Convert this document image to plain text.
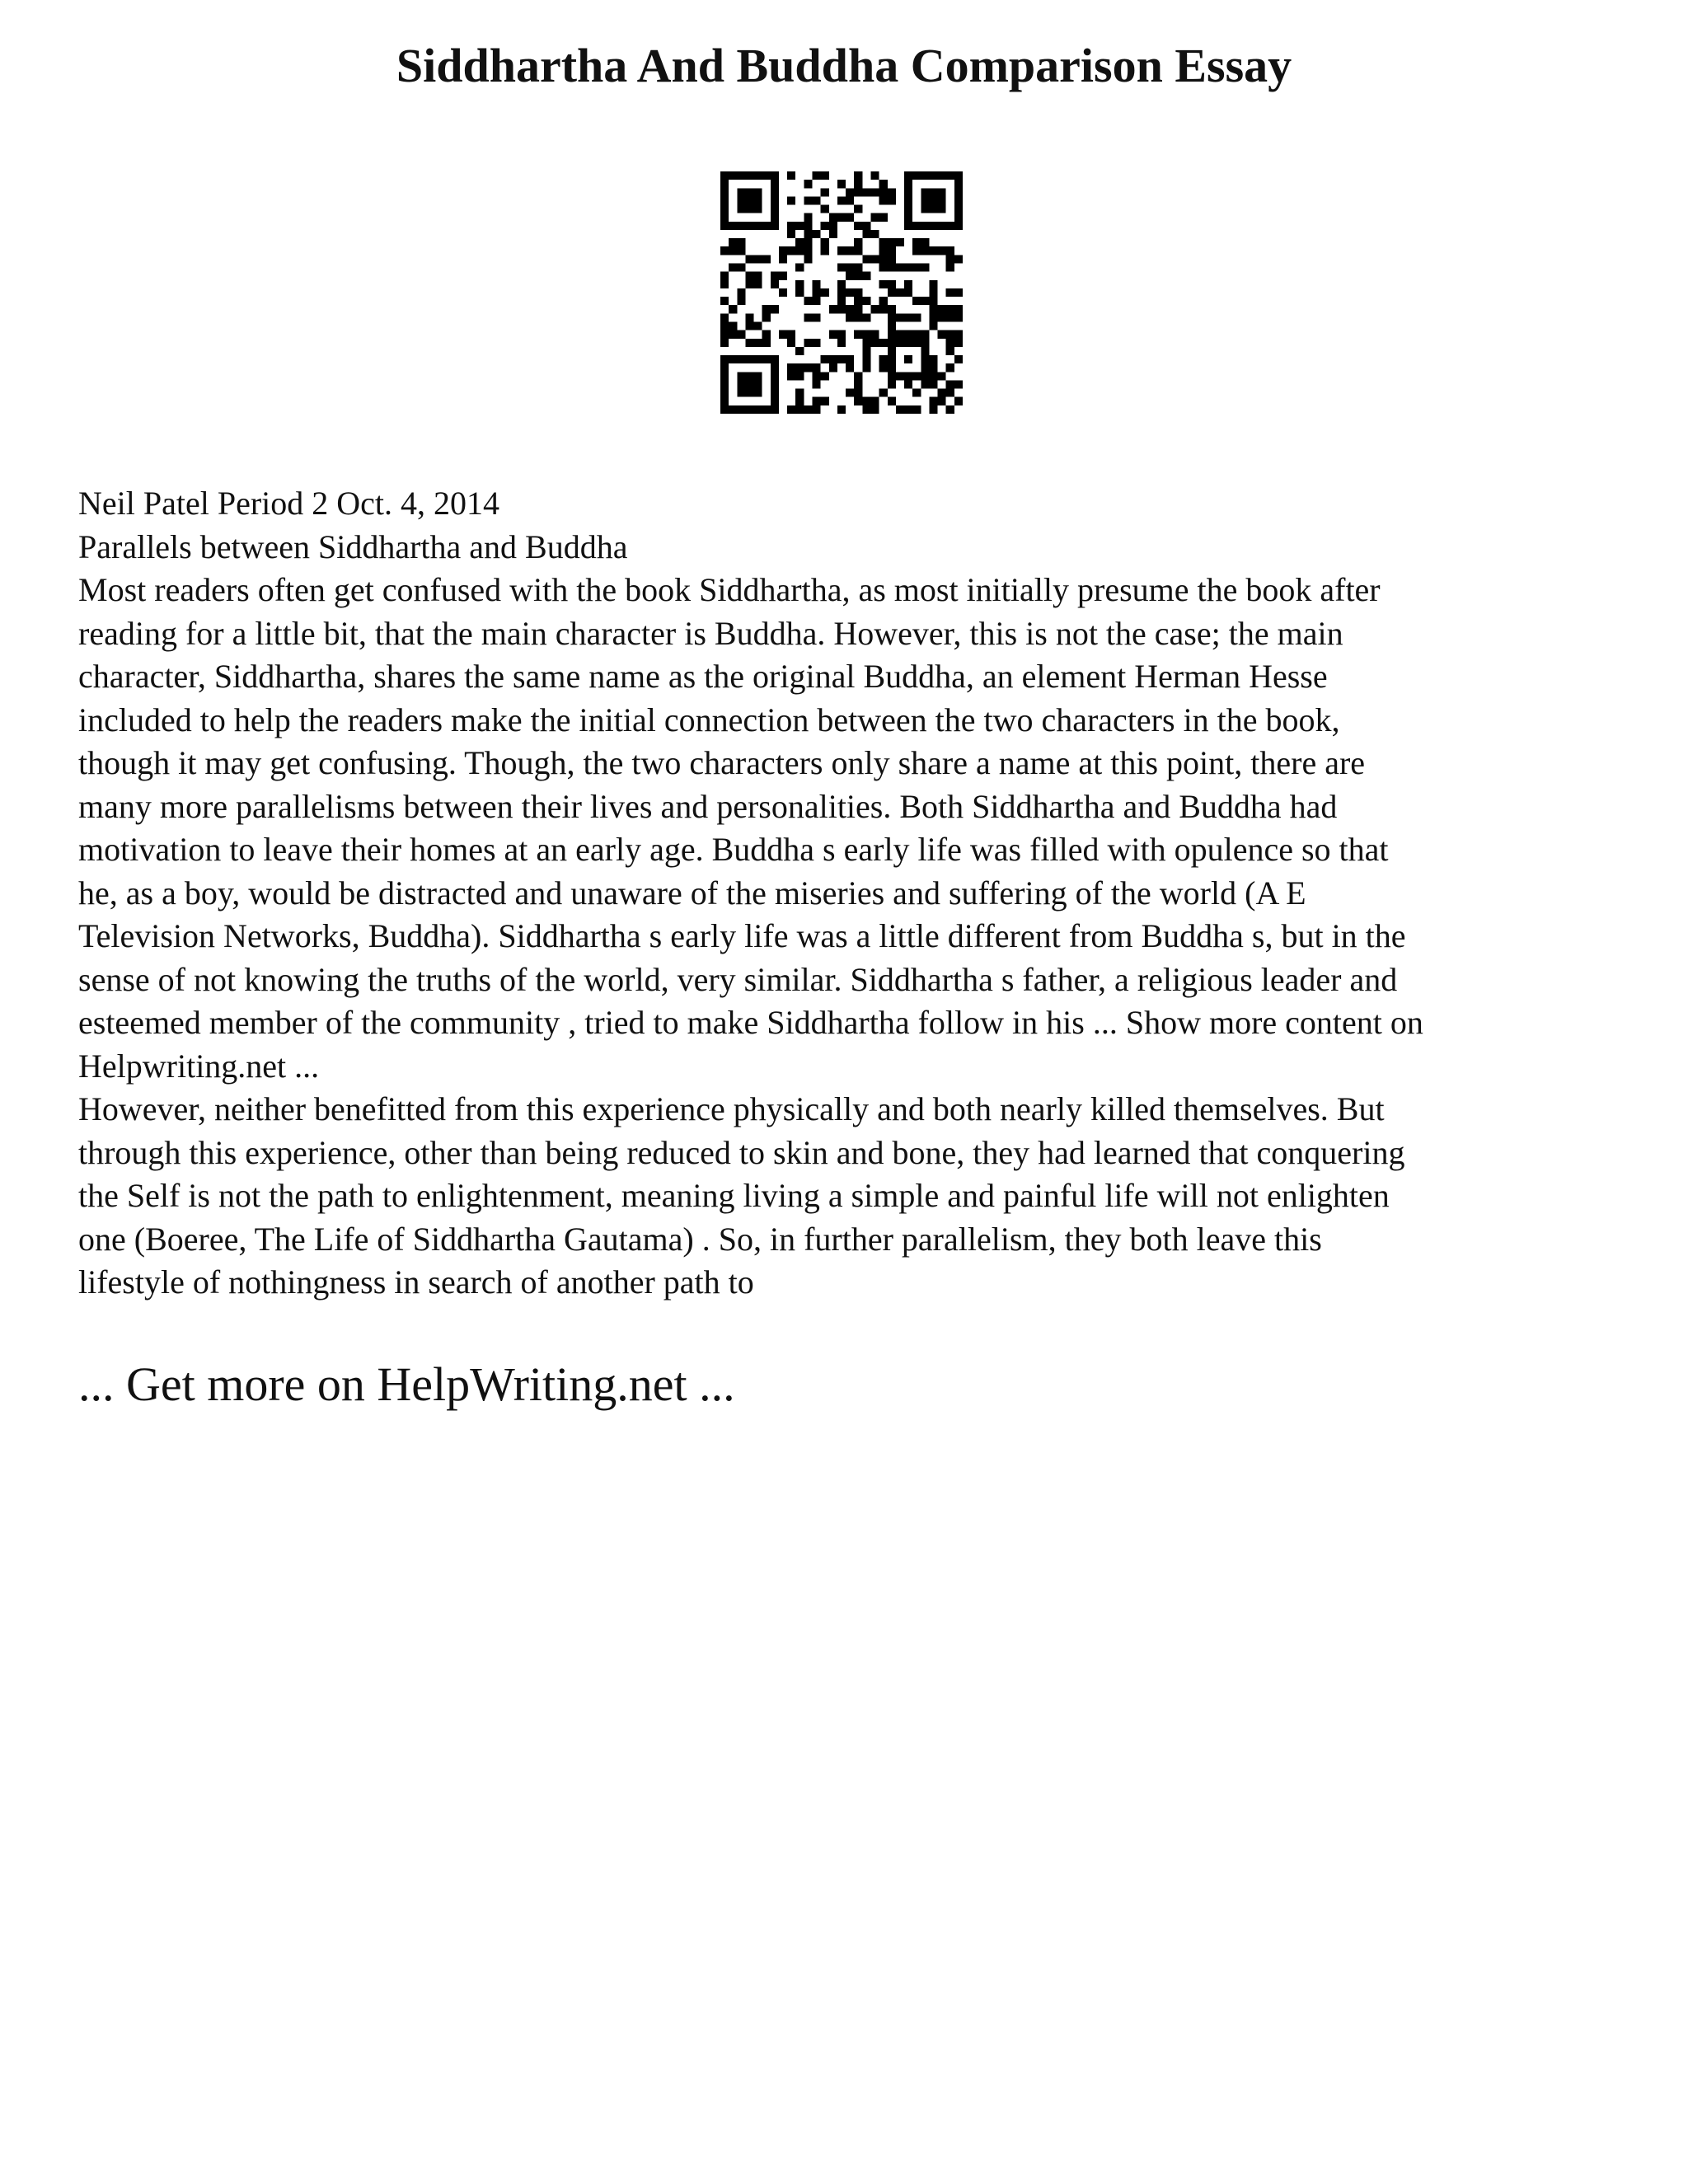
Siddhartha And Buddha Comparison Essay
Neil Patel Period 2 Oct. 4, 2014
Parallels between Siddhartha and Buddha
Most readers often get confused with the book Siddhartha, as most initially presume the book after
reading for a little bit, that the main character is Buddha. However, this is not the case; the main
character, Siddhartha, shares the same name as the original Buddha, an element Herman Hesse
included to help the readers make the initial connection between the two characters in the book,
though it may get confusing. Though, the two characters only share a name at this point, there are
many more parallelisms between their lives and personalities. Both Siddhartha and Buddha had
motivation to leave their homes at an early age. Buddha s early life was filled with opulence so that
he, as a boy, would be distracted and unaware of the miseries and suffering of the world (A E
Television Networks, Buddha). Siddhartha s early life was a little different from Buddha s, but in the
sense of not knowing the truths of the world, very similar. Siddhartha s father, a religious leader and
esteemed member of the community , tried to make Siddhartha follow in his ... Show more content on
Helpwriting.net ...
However, neither benefitted from this experience physically and both nearly killed themselves. But
through this experience, other than being reduced to skin and bone, they had learned that conquering
the Self is not the path to enlightenment, meaning living a simple and painful life will not enlighten
one (Boeree, The Life of Siddhartha Gautama) . So, in further parallelism, they both leave this
lifestyle of nothingness in search of another path to
... Get more on HelpWriting.net ...
